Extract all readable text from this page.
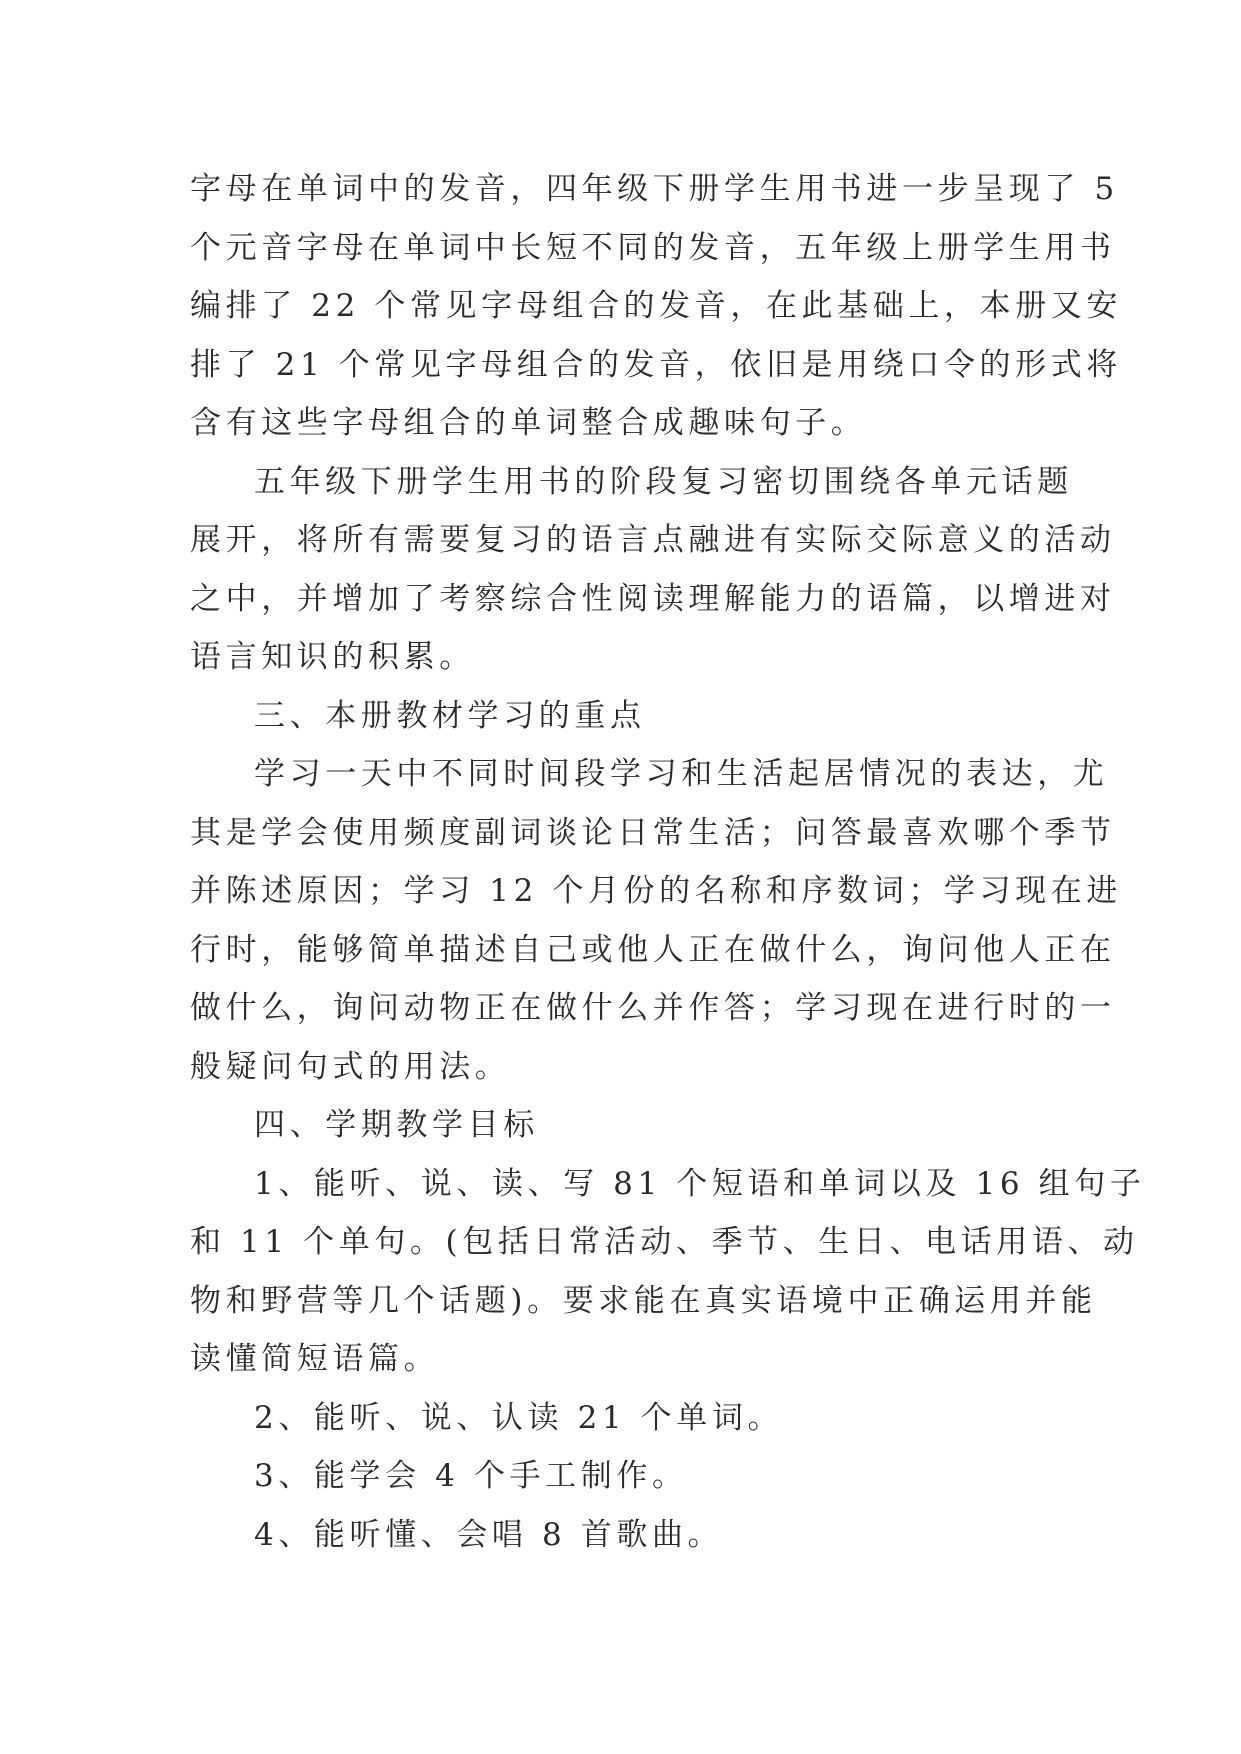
字母在单词中的发音，四年级下册学生用书进一步呈现了 5
个元音字母在单词中长短不同的发音，五年级上册学生用书
编排了 22 个常见字母组合的发音，在此基础上，本册又安
排了 21 个常见字母组合的发音，依旧是用绕口令的形式将
含有这些字母组合的单词整合成趣味句子。
五年级下册学生用书的阶段复习密切围绕各单元话题
展开，将所有需要复习的语言点融进有实际交际意义的活动
之中，并增加了考察综合性阅读理解能力的语篇，以增进对
语言知识的积累。
三、本册教材学习的重点
学习一天中不同时间段学习和生活起居情况的表达，尤
其是学会使用频度副词谈论日常生活；问答最喜欢哪个季节
并陈述原因；学习 12 个月份的名称和序数词；学习现在进
行时，能够简单描述自己或他人正在做什么，询问他人正在
做什么，询问动物正在做什么并作答；学习现在进行时的一
般疑问句式的用法。
四、学期教学目标
1、能听、说、读、写 81 个短语和单词以及 16 组句子
和 11 个单句。(包括日常活动、季节、生日、电话用语、动
物和野营等几个话题)。要求能在真实语境中正确运用并能
读懂简短语篇。
2、能听、说、认读 21 个单词。
3、能学会 4 个手工制作。
4、能听懂、会唱 8 首歌曲。
